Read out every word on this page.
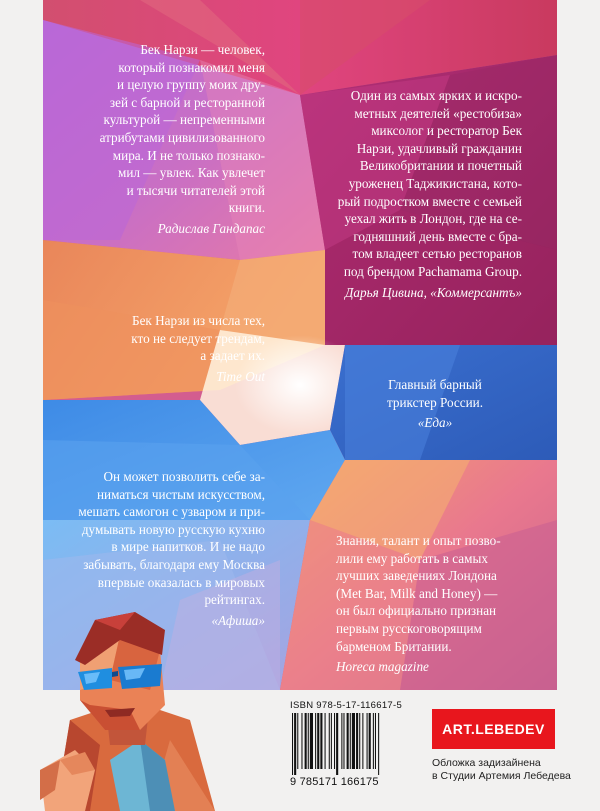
Бек Нарзи — человек,
который познакомил меня
и целую группу моих дру-
зей с барной и ресторанной
культурой — непременными
атрибутами цивилизованного
мира. И не только познако-
мил — увлек. Как увлечет
и тысячи читателей этой
книги.
Радислав Гандапас
Один из самых ярких и искро-
метных деятелей «рестобиза»
миксолог и ресторатор Бек
Нарзи, удачливый гражданин
Великобритании и почетный
уроженец Таджикистана, кото-
рый подростком вместе с семьей
уехал жить в Лондон, где на се-
годняшний день вместе с бра-
том владеет сетью ресторанов
под брендом Pachamama Group.
Дарья Цивина, «Коммерсантъ»
Бек Нарзи из числа тех,
кто не следует трендам,
а задает их.
Time Out
Главный барный
трикстер России.
«Еда»
Он может позволить себе за-
ниматься чистым искусством,
мешать самогон с узваром и при-
думывать новую русскую кухню
в мире напитков. И не надо
забывать, благодаря ему Москва
впервые оказалась в мировых
рейтингах.
«Афиша»
Знания, талант и опыт позво-
лили ему работать в самых
лучших заведениях Лондона
(Met Bar, Milk and Honey) —
он был официально признан
первым русскоговорящим
барменом Британии.
Horeca magazine
ISBN 978-5-17-116617-5
9 785171 166175
ART.LEBEDEV
Обложка задизайнена
в Студии Артемия Лебедева
